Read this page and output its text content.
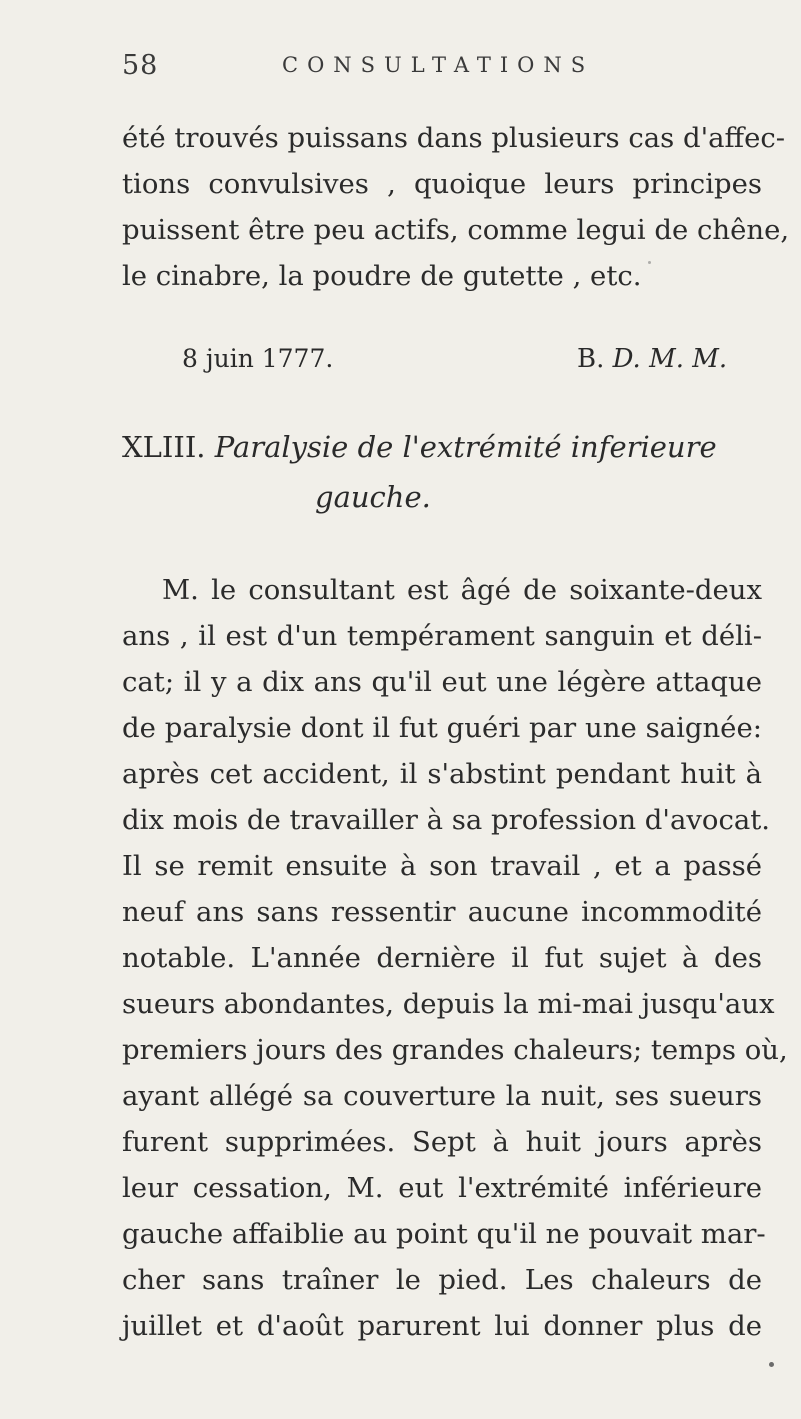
58	CONSULTATIONS
été trouvés puissans dans plusieurs cas d'affec-
tions convulsives , quoique leurs principes
puissent être peu actifs, comme legui de chêne,
le cinabre, la poudre de gutette , etc.
8 juin 1777.	B. D. M. M.
XLIII. Paralysie de l'extrémité inferieure
gauche.
M. le consultant est âgé de soixante-deux
ans , il est d'un tempérament sanguin et déli-
cat; il y a dix ans qu'il eut une légère attaque
de paralysie dont il fut guéri par une saignée:
après cet accident, il s'abstint pendant huit à
dix mois de travailler à sa profession d'avocat.
Il se remit ensuite à son travail , et a passé
neuf ans sans ressentir aucune incommodité
notable. L'année dernière il fut sujet à des
sueurs abondantes, depuis la mi-mai jusqu'aux
premiers jours des grandes chaleurs; temps où,
ayant allégé sa couverture la nuit, ses sueurs
furent supprimées. Sept à huit jours après
leur cessation, M. eut l'extrémité inférieure
gauche affaiblie au point qu'il ne pouvait mar-
cher sans traîner le pied. Les chaleurs de
juillet et d'août parurent lui donner plus de
